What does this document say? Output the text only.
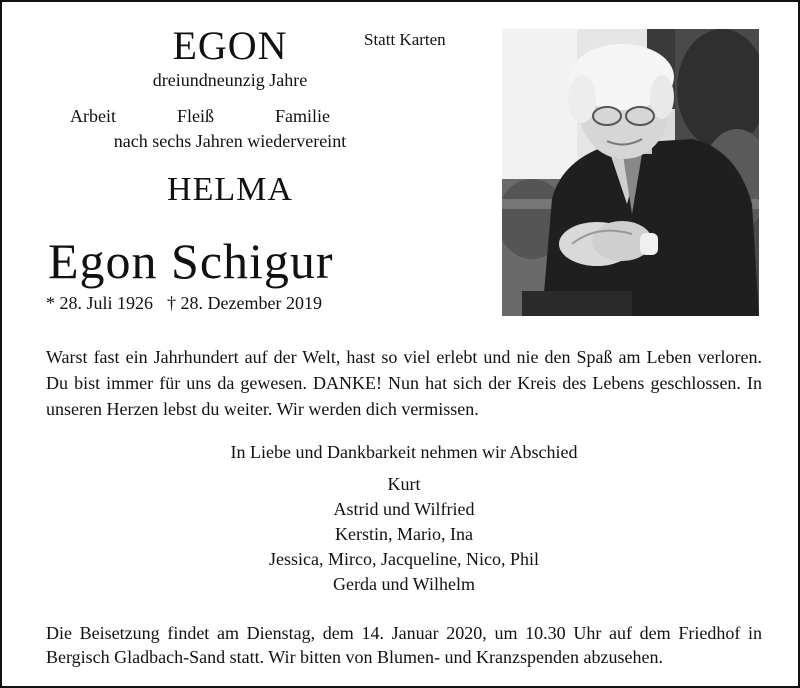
EGON

dreiundneunzig Jahre

Arbeit	Fleiß	Familie

nach sechs Jahren wiedervereint

HELMA
Egon Schigur

* 28. Juli 1926 † 28. Dezember 2019

Statt Karten

Warst fast ein Jahrhundert auf der Welt, hast so viel erlebt und nie den Spaß am Leben verloren. Du bist immer für uns da gewesen. DANKE! Nun hat sich der Kreis des Lebens geschlossen. In unseren Herzen lebst du weiter. Wir werden dich vermissen.

In Liebe und Dankbarkeit nehmen wir Abschied
Kurt
Astrid und Wilfried
Kerstin, Mario, Ina
Jessica, Mirco, Jacqueline, Nico, Phil
Gerda und Wilhelm

Die Beisetzung findet am Dienstag, dem 14. Januar 2020, um 10.30 Uhr auf dem Friedhof in Bergisch Gladbach-Sand statt. Wir bitten von Blumen- und Kranzspenden abzusehen.
